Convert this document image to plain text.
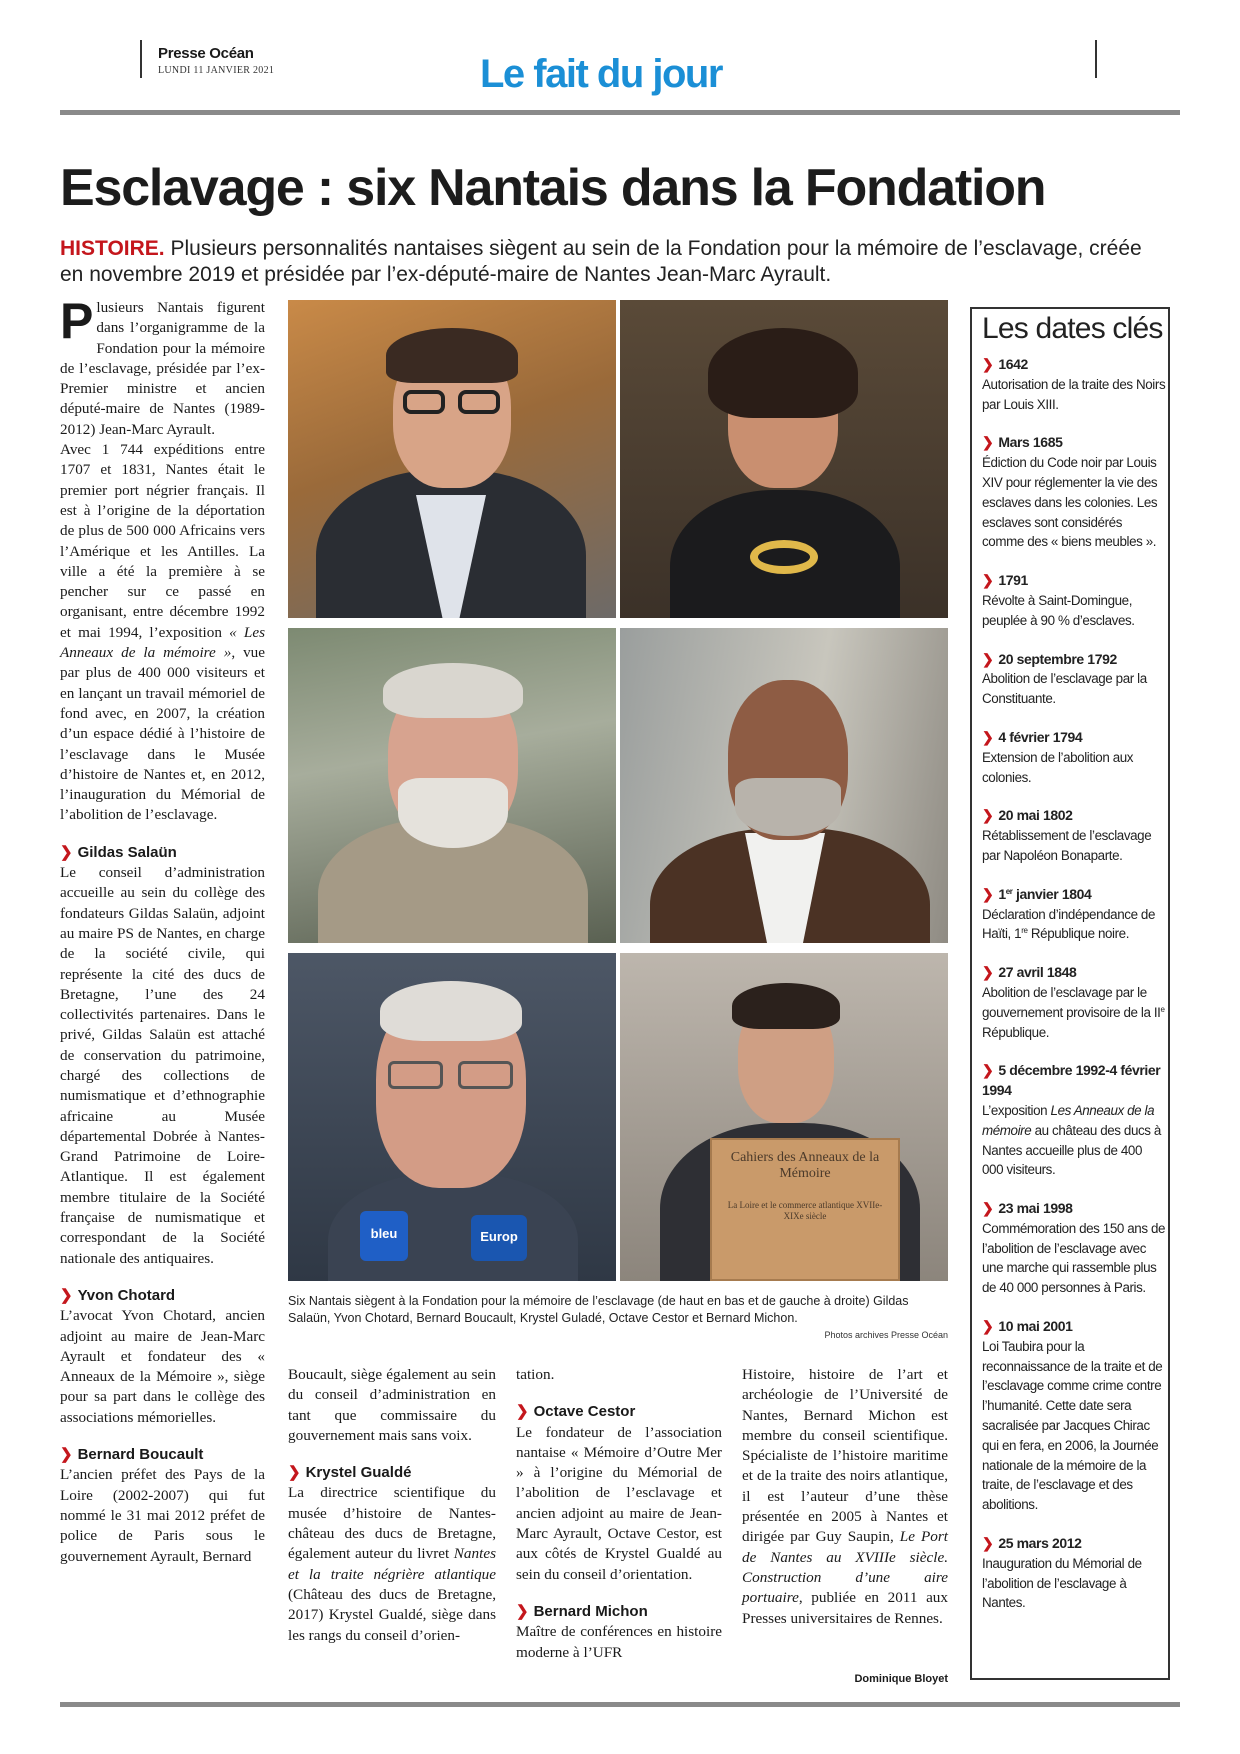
Presse Océan
LUNDI 11 JANVIER 2021	Le fait du jour
Esclavage : six Nantais dans la Fondation

HISTOIRE. Plusieurs personnalités nantaises siègent au sein de la Fondation pour la mémoire de l’esclavage, créée en novembre 2019 et présidée par l’ex-député-maire de Nantes Jean-Marc Ayrault.

Plusieurs Nantais figurent dans l’organigramme de la Fondation pour la mémoire de l’esclavage, présidée par l’ex-Premier ministre et ancien député-maire de Nantes (1989-2012) Jean-Marc Ayrault.

Avec 1 744 expéditions entre 1707 et 1831, Nantes était le premier port négrier français. Il est à l’origine de la déportation de plus de 500 000 Africains vers l’Amérique et les Antilles. La ville a été la première à se pencher sur ce passé en organisant, entre décembre 1992 et mai 1994, l’exposition « Les Anneaux de la mémoire », vue par plus de 400 000 visiteurs et en lançant un travail mémoriel de fond avec, en 2007, la création d’un espace dédié à l’histoire de l’esclavage dans le Musée d’histoire de Nantes et, en 2012, l’inauguration du Mémorial de l’abolition de l’esclavage.

❯ Gildas Salaün

Le conseil d’administration accueille au sein du collège des fondateurs Gildas Salaün, adjoint au maire PS de Nantes, en charge de la société civile, qui représente la cité des ducs de Bretagne, l’une des 24 collectivités partenaires. Dans le privé, Gildas Salaün est attaché de conservation du patrimoine, chargé des collections de numismatique et d’ethnographie africaine au Musée départemental Dobrée à Nantes-Grand Patrimoine de Loire-Atlantique. Il est également membre titulaire de la Société française de numismatique et correspondant de la Société nationale des antiquaires.

❯ Yvon Chotard

L’avocat Yvon Chotard, ancien adjoint au maire de Jean-Marc Ayrault et fondateur des « Anneaux de la Mémoire », siège pour sa part dans le collège des associations mémorielles.

❯ Bernard Boucault

L’ancien préfet des Pays de la Loire (2002-2007) qui fut nommé le 31 mai 2012 préfet de police de Paris sous le gouvernement Ayrault, Bernard

bleu	Europ
Cahiers des Anneaux de la Mémoire
La Loire et le commerce atlantique XVIIe-XIXe siècle

Six Nantais siègent à la Fondation pour la mémoire de l’esclavage (de haut en bas et de gauche à droite) Gildas Salaün, Yvon Chotard, Bernard Boucault, Krystel Guladé, Octave Cestor et Bernard Michon.

Photos archives Presse Océan

Boucault, siège également au sein du conseil d’administration en tant que commissaire du gouvernement mais sans voix.

❯ Krystel Gualdé

La directrice scientifique du musée d’histoire de Nantes-château des ducs de Bretagne, également auteur du livret Nantes et la traite négrière atlantique (Château des ducs de Bretagne, 2017) Krystel Gualdé, siège dans les rangs du conseil d’orien-

tation.

❯ Octave Cestor

Le fondateur de l’association nantaise « Mémoire d’Outre Mer » à l’origine du Mémorial de l’abolition de l’esclavage et ancien adjoint au maire de Jean-Marc Ayrault, Octave Cestor, est aux côtés de Krystel Gualdé au sein du conseil d’orientation.

❯ Bernard Michon

Maître de conférences en histoire moderne à l’UFR

Histoire, histoire de l’art et archéologie de l’Université de Nantes, Bernard Michon est membre du conseil scientifique. Spécialiste de l’histoire maritime et de la traite des noirs atlantique, il est l’auteur d’une thèse présentée en 2005 à Nantes et dirigée par Guy Saupin, Le Port de Nantes au XVIIIe siècle. Construction d’une aire portuaire, publiée en 2011 aux Presses universitaires de Rennes.

Dominique Bloyet
Les dates clés
❯ 1642
Autorisation de la traite des Noirs par Louis XIII.
❯ Mars 1685
Édiction du Code noir par Louis XIV pour réglementer la vie des esclaves dans les colonies. Les esclaves sont considérés comme des « biens meubles ».
❯ 1791
Révolte à Saint-Domingue, peuplée à 90 % d’esclaves.
❯ 20 septembre 1792
Abolition de l’esclavage par la Constituante.
❯ 4 février 1794
Extension de l’abolition aux colonies.
❯ 20 mai 1802
Rétablissement de l’esclavage par Napoléon Bonaparte.
❯ 1er janvier 1804
Déclaration d’indépendance de Haïti, 1re République noire.
❯ 27 avril 1848
Abolition de l’esclavage par le gouvernement provisoire de la IIe République.
❯ 5 décembre 1992-4 février 1994
L’exposition Les Anneaux de la mémoire au château des ducs à Nantes accueille plus de 400 000 visiteurs.
❯ 23 mai 1998
Commémoration des 150 ans de l’abolition de l’esclavage avec une marche qui rassemble plus de 40 000 personnes à Paris.
❯ 10 mai 2001
Loi Taubira pour la reconnaissance de la traite et de l’esclavage comme crime contre l’humanité. Cette date sera sacralisée par Jacques Chirac qui en fera, en 2006, la Journée nationale de la mémoire de la traite, de l’esclavage et des abolitions.
❯ 25 mars 2012
Inauguration du Mémorial de l’abolition de l’esclavage à Nantes.
